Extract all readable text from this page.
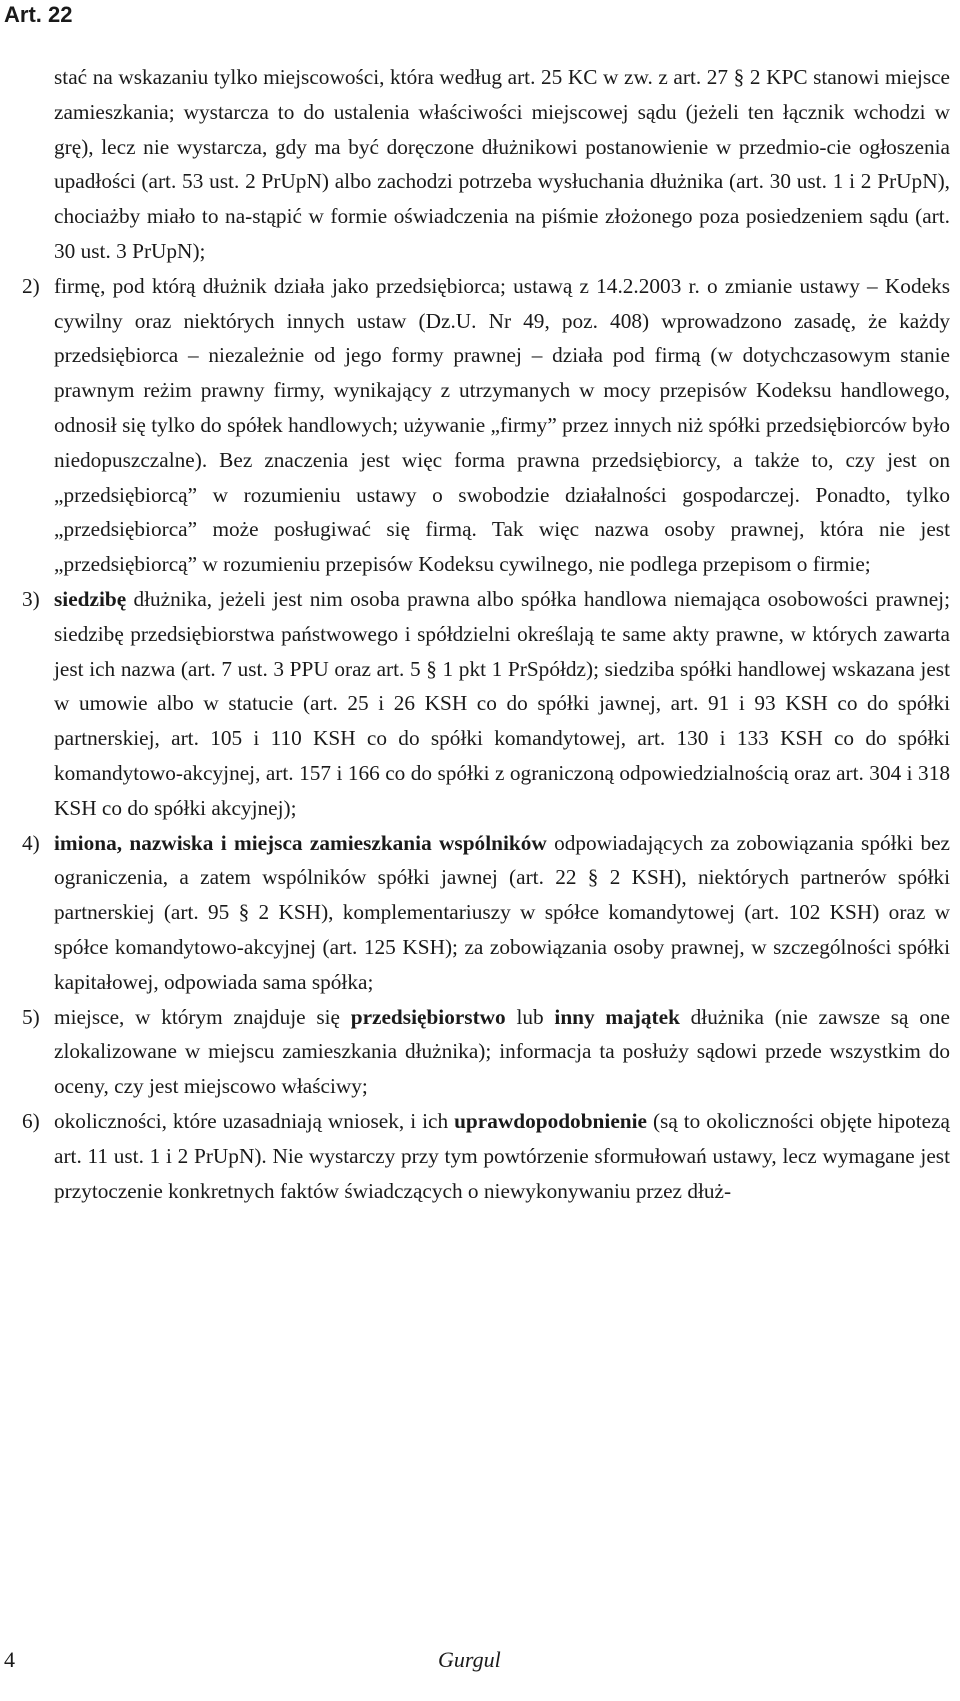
Art. 22

stać na wskazaniu tylko miejscowości, która według art. 25 KC w zw. z art. 27 § 2 KPC stanowi miejsce zamieszkania; wystarcza to do ustalenia właściwości miejscowej sądu (jeżeli ten łącznik wchodzi w grę), lecz nie wystarcza, gdy ma być doręczone dłużnikowi postanowienie w przedmio-cie ogłoszenia upadłości (art. 53 ust. 2 PrUpN) albo zachodzi potrzeba wysłuchania dłużnika (art. 30 ust. 1 i 2 PrUpN), chociażby miało to na-stąpić w formie oświadczenia na piśmie złożonego poza posiedzeniem sądu (art. 30 ust. 3 PrUpN);

2) firmę, pod którą dłużnik działa jako przedsiębiorca; ustawą z 14.2.2003 r. o zmianie ustawy – Kodeks cywilny oraz niektórych innych ustaw (Dz.U. Nr 49, poz. 408) wprowadzono zasadę, że każdy przedsiębiorca – niezależnie od jego formy prawnej – działa pod firmą (w dotychczasowym stanie prawnym reżim prawny firmy, wynikający z utrzymanych w mocy przepisów Kodeksu handlowego, odnosił się tylko do spółek handlowych; używanie „firmy” przez innych niż spółki przedsiębiorców było niedopuszczalne). Bez znaczenia jest więc forma prawna przedsiębiorcy, a także to, czy jest on „przedsiębiorcą” w rozumieniu ustawy o swobodzie działalności gospodarczej. Ponadto, tylko „przedsiębiorca” może posługiwać się firmą. Tak więc nazwa osoby prawnej, która nie jest „przedsiębiorcą” w rozumieniu przepisów Kodeksu cywilnego, nie podlega przepisom o firmie;

3) siedzibę dłużnika, jeżeli jest nim osoba prawna albo spółka handlowa niemająca osobowości prawnej; siedzibę przedsiębiorstwa państwowego i spółdzielni określają te same akty prawne, w których zawarta jest ich nazwa (art. 7 ust. 3 PPU oraz art. 5 § 1 pkt 1 PrSpółdz); siedziba spółki handlowej wskazana jest w umowie albo w statucie (art. 25 i 26 KSH co do spółki jawnej, art. 91 i 93 KSH co do spółki partnerskiej, art. 105 i 110 KSH co do spółki komandytowej, art. 130 i 133 KSH co do spółki komandytowo-akcyjnej, art. 157 i 166 co do spółki z ograniczoną odpowiedzialnością oraz art. 304 i 318 KSH co do spółki akcyjnej);

4) imiona, nazwiska i miejsca zamieszkania wspólników odpowiadających za zobowiązania spółki bez ograniczenia, a zatem wspólników spółki jawnej (art. 22 § 2 KSH), niektórych partnerów spółki partnerskiej (art. 95 § 2 KSH), komplementariuszy w spółce komandytowej (art. 102 KSH) oraz w spółce komandytowo-akcyjnej (art. 125 KSH); za zobowiązania osoby prawnej, w szczególności spółki kapitałowej, odpowiada sama spółka;

5) miejsce, w którym znajduje się przedsiębiorstwo lub inny majątek dłużnika (nie zawsze są one zlokalizowane w miejscu zamieszkania dłużnika); informacja ta posłuży sądowi przede wszystkim do oceny, czy jest miejscowo właściwy;

6) okoliczności, które uzasadniają wniosek, i ich uprawdopodobnienie (są to okoliczności objęte hipotezą art. 11 ust. 1 i 2 PrUpN). Nie wystarczy przy tym powtórzenie sformułowań ustawy, lecz wymagane jest przytoczenie konkretnych faktów świadczących o niewykonywaniu przez dłuż-

4	Gurgul
